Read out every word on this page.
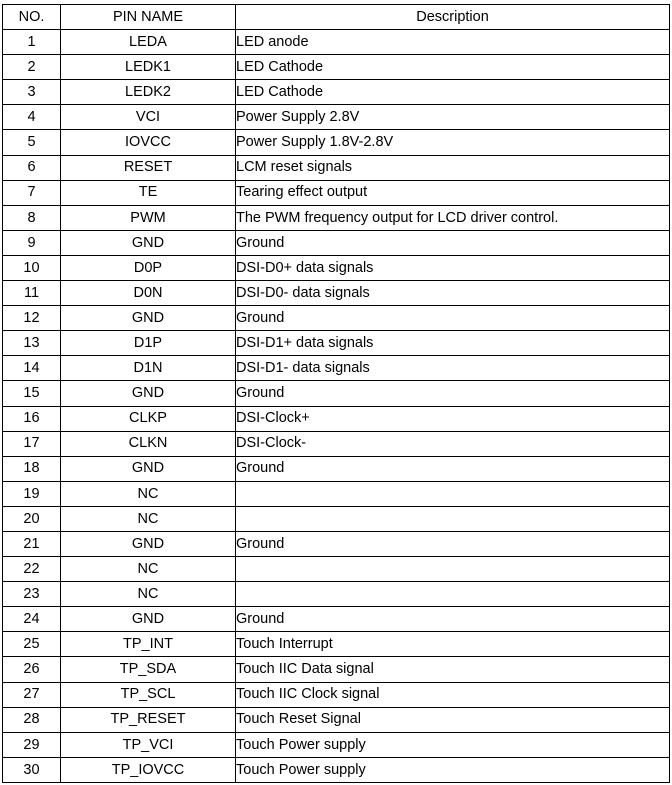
NO.	PIN NAME	Description
1	LEDA	LED anode
2	LEDK1	LED Cathode
3	LEDK2	LED Cathode
4	VCI	Power Supply 2.8V
5	IOVCC	Power Supply 1.8V-2.8V
6	RESET	LCM reset signals
7	TE	Tearing effect output
8	PWM	The PWM frequency output for LCD driver control.
9	GND	Ground
10	D0P	DSI-D0+ data signals
11	D0N	DSI-D0- data signals
12	GND	Ground
13	D1P	DSI-D1+ data signals
14	D1N	DSI-D1- data signals
15	GND	Ground
16	CLKP	DSI-Clock+
17	CLKN	DSI-Clock-
18	GND	Ground
19	NC	
20	NC	
21	GND	Ground
22	NC	
23	NC	
24	GND	Ground
25	TP_INT	Touch Interrupt
26	TP_SDA	Touch IIC Data signal
27	TP_SCL	Touch IIC Clock signal
28	TP_RESET	Touch Reset Signal
29	TP_VCI	Touch Power supply
30	TP_IOVCC	Touch Power supply
